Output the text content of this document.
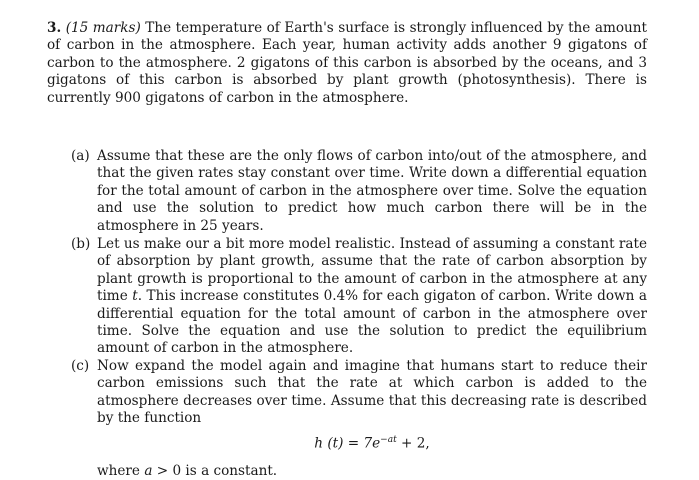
3. (15 marks) The temperature of Earth's surface is strongly influenced by the amount of carbon in the atmosphere. Each year, human activity adds another 9 gigatons of carbon to the atmosphere. 2 gigatons of this carbon is absorbed by the oceans, and 3 gigatons of this carbon is absorbed by plant growth (photosynthesis). There is currently 900 gigatons of carbon in the atmosphere.
(a) Assume that these are the only flows of carbon into/out of the atmosphere, and that the given rates stay constant over time. Write down a differential equation for the total amount of carbon in the atmosphere over time. Solve the equation and use the solution to predict how much carbon there will be in the atmosphere in 25 years.
(b) Let us make our a bit more model realistic. Instead of assuming a constant rate of absorption by plant growth, assume that the rate of carbon absorption by plant growth is proportional to the amount of carbon in the atmosphere at any time t. This increase constitutes 0.4% for each gigaton of carbon. Write down a differential equation for the total amount of carbon in the atmosphere over time. Solve the equation and use the solution to predict the equilibrium amount of carbon in the atmosphere.
(c) Now expand the model again and imagine that humans start to reduce their carbon emissions such that the rate at which carbon is added to the atmosphere decreases over time. Assume that this decreasing rate is described by the function
h $(t) = 7e^{-at} + 2$,
where a > 0 is a constant.
